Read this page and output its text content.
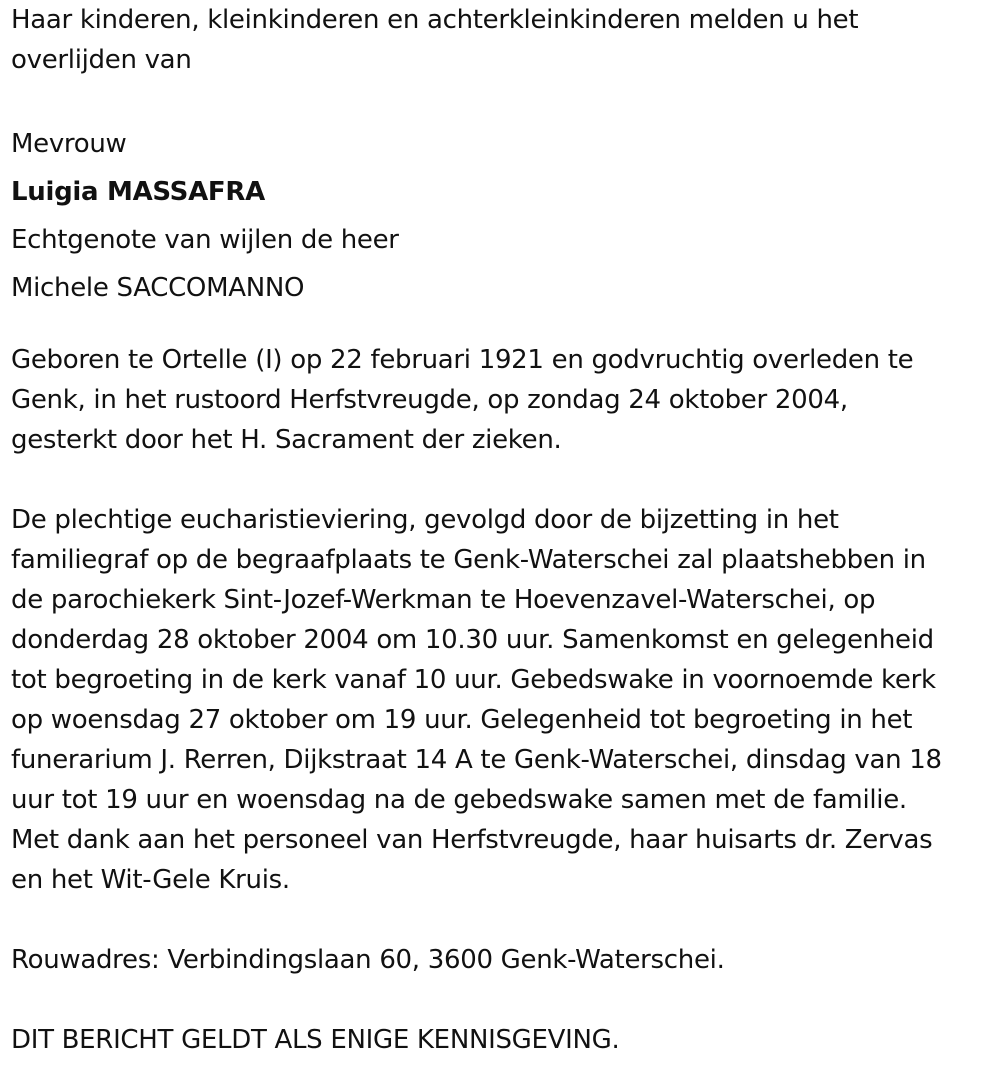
Haar kinderen, kleinkinderen en achterkleinkinderen melden u het
overlijden van
Mevrouw
Luigia MASSAFRA
Echtgenote van wijlen de heer
Michele SACCOMANNO
Geboren te Ortelle (I) op 22 februari 1921 en godvruchtig overleden te
Genk, in het rustoord Herfstvreugde, op zondag 24 oktober 2004,
gesterkt door het H. Sacrament der zieken.
De plechtige eucharistieviering, gevolgd door de bijzetting in het
familiegraf op de begraafplaats te Genk-Waterschei zal plaatshebben in
de parochiekerk Sint-Jozef-Werkman te Hoevenzavel-Waterschei, op
donderdag 28 oktober 2004 om 10.30 uur. Samenkomst en gelegenheid
tot begroeting in de kerk vanaf 10 uur. Gebedswake in voornoemde kerk
op woensdag 27 oktober om 19 uur. Gelegenheid tot begroeting in het
funerarium J. Rerren, Dijkstraat 14 A te Genk-Waterschei, dinsdag van 18
uur tot 19 uur en woensdag na de gebedswake samen met de familie.
Met dank aan het personeel van Herfstvreugde, haar huisarts dr. Zervas
en het Wit-Gele Kruis.
Rouwadres: Verbindingslaan 60, 3600 Genk-Waterschei.
DIT BERICHT GELDT ALS ENIGE KENNISGEVING.
